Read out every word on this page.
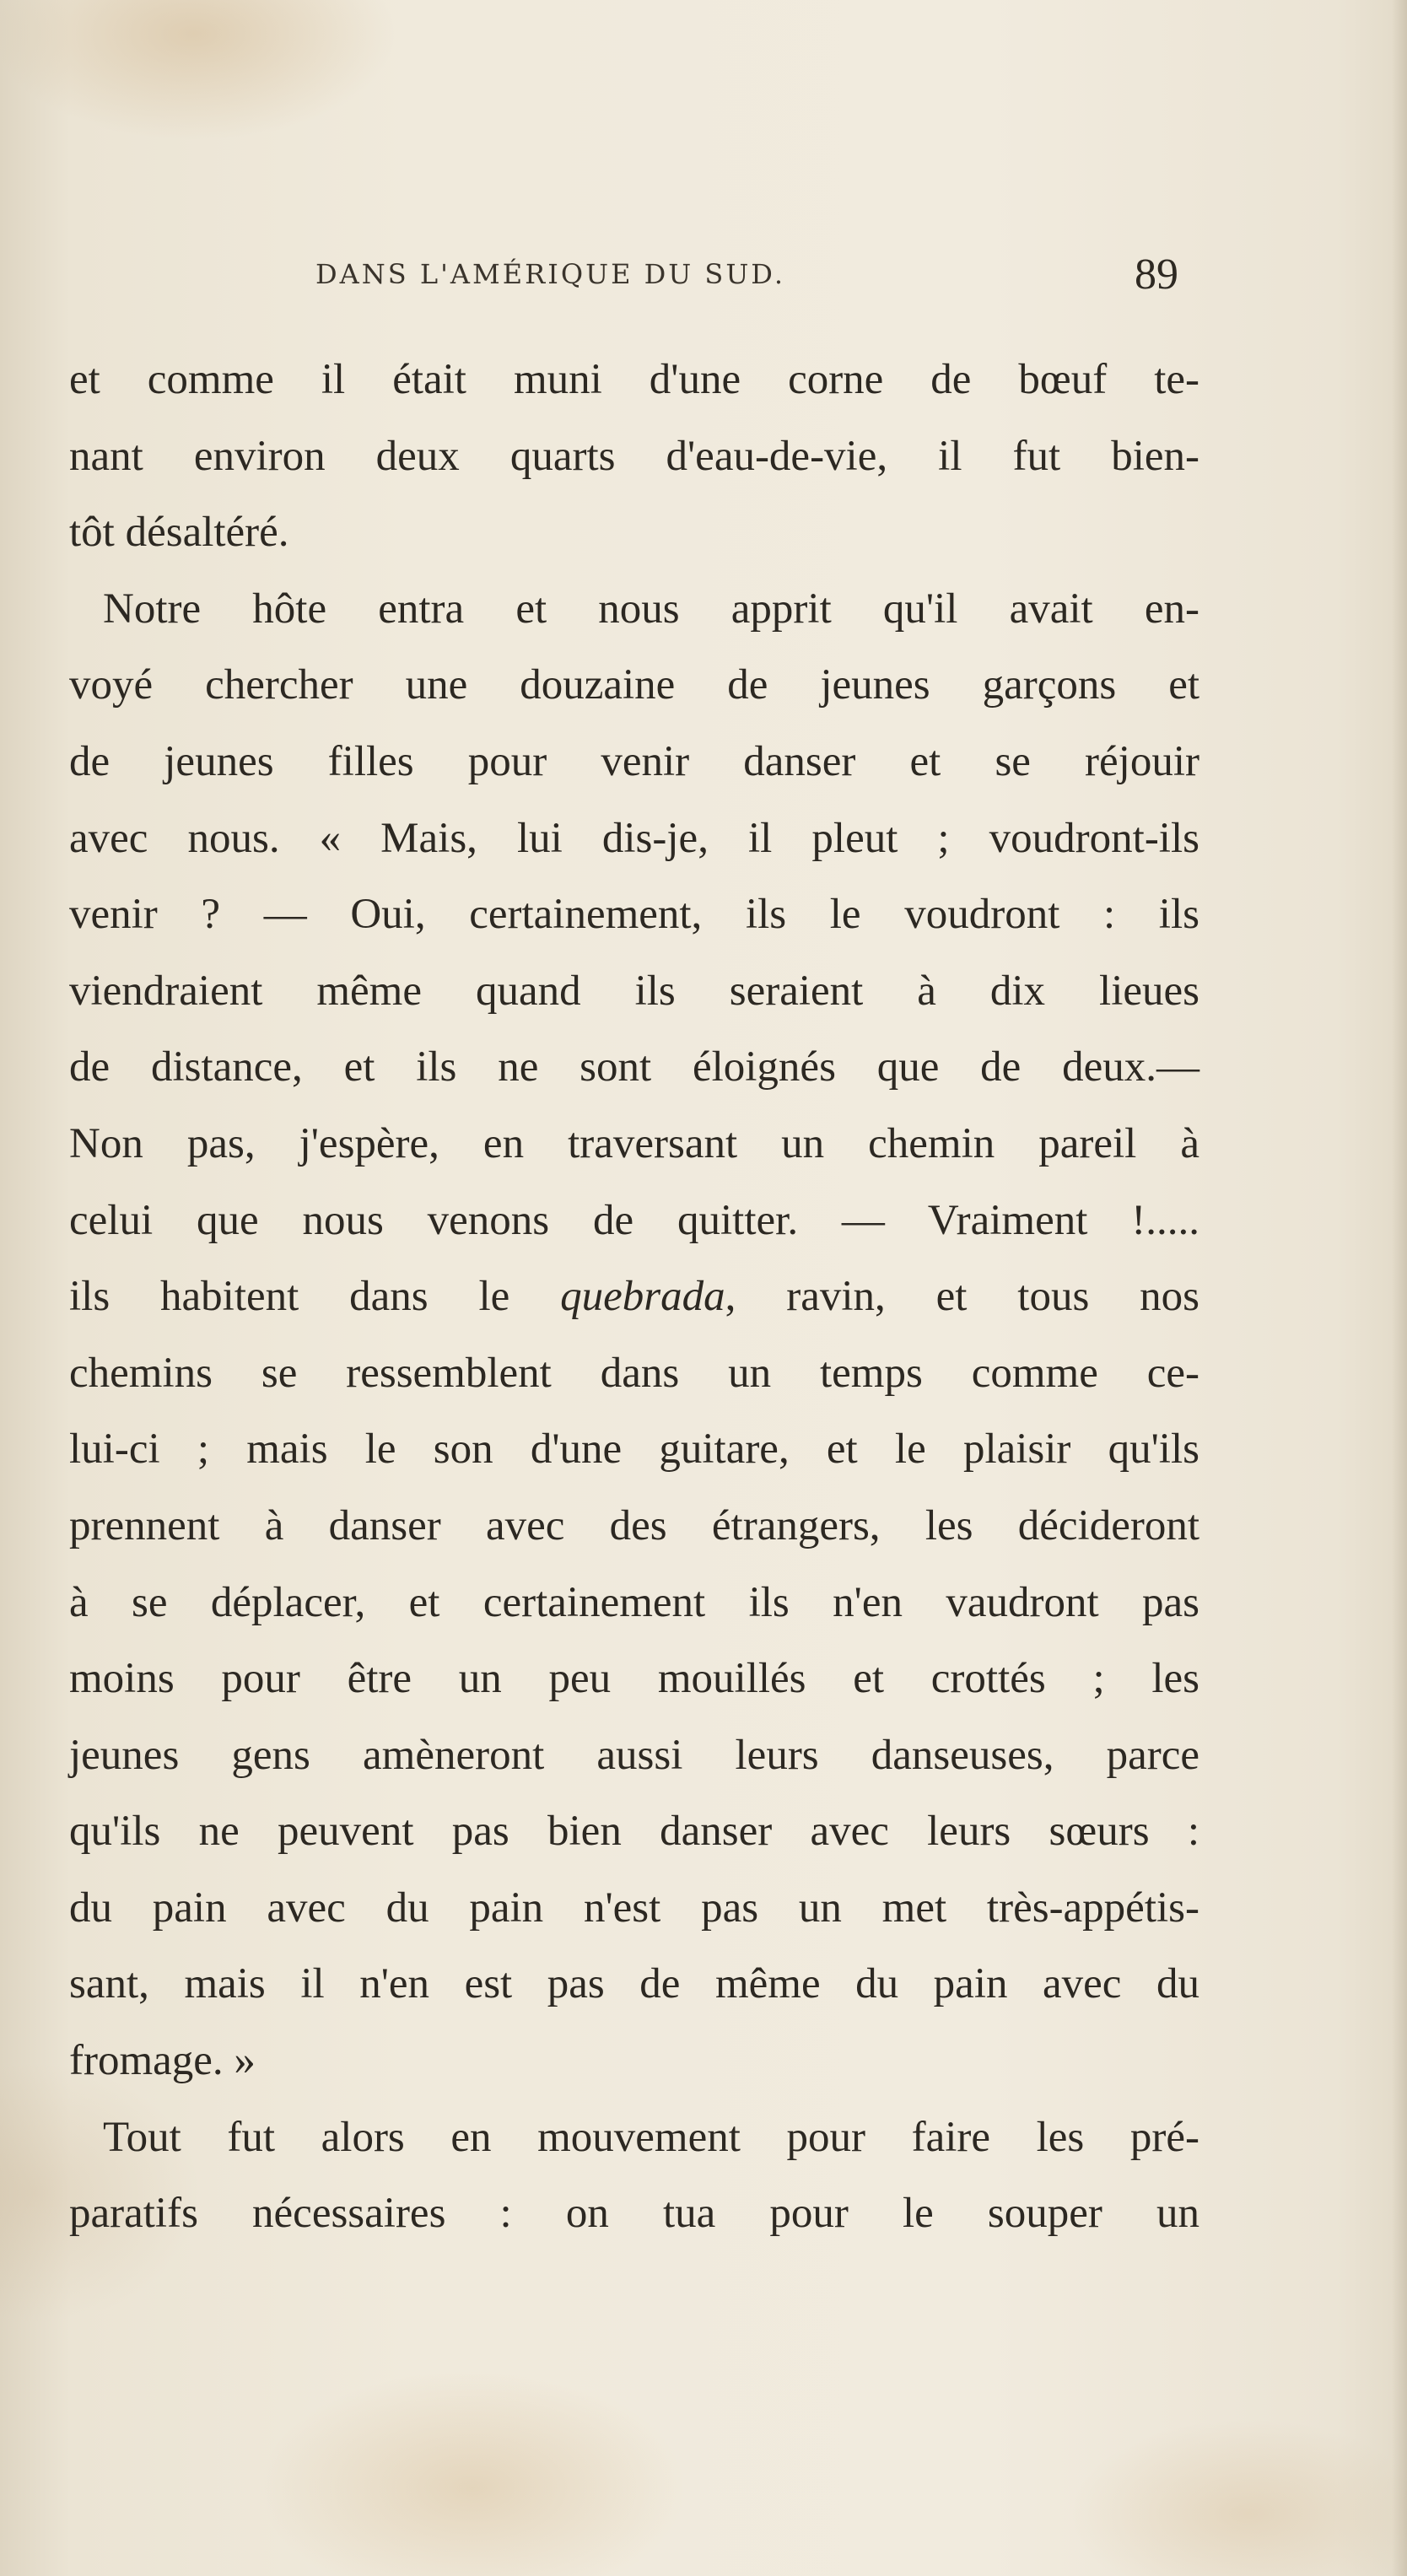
DANS L'AMÉRIQUE DU SUD.	89
et comme il était muni d'une corne de bœuf te-
nant environ deux quarts d'eau-de-vie, il fut bien-
tôt désaltéré.
Notre hôte entra et nous apprit qu'il avait en-
voyé chercher une douzaine de jeunes garçons et
de jeunes filles pour venir danser et se réjouir
avec nous. « Mais, lui dis-je, il pleut ; voudront-ils
venir ? — Oui, certainement, ils le voudront : ils
viendraient même quand ils seraient à dix lieues
de distance, et ils ne sont éloignés que de deux.—
Non pas, j'espère, en traversant un chemin pareil à
celui que nous venons de quitter. — Vraiment !.....
ils habitent dans le quebrada, ravin, et tous nos
chemins se ressemblent dans un temps comme ce-
lui-ci ; mais le son d'une guitare, et le plaisir qu'ils
prennent à danser avec des étrangers, les décideront
à se déplacer, et certainement ils n'en vaudront pas
moins pour être un peu mouillés et crottés ; les
jeunes gens amèneront aussi leurs danseuses, parce
qu'ils ne peuvent pas bien danser avec leurs sœurs :
du pain avec du pain n'est pas un met très-appétis-
sant, mais il n'en est pas de même du pain avec du
fromage. »
Tout fut alors en mouvement pour faire les pré-
paratifs nécessaires : on tua pour le souper un
